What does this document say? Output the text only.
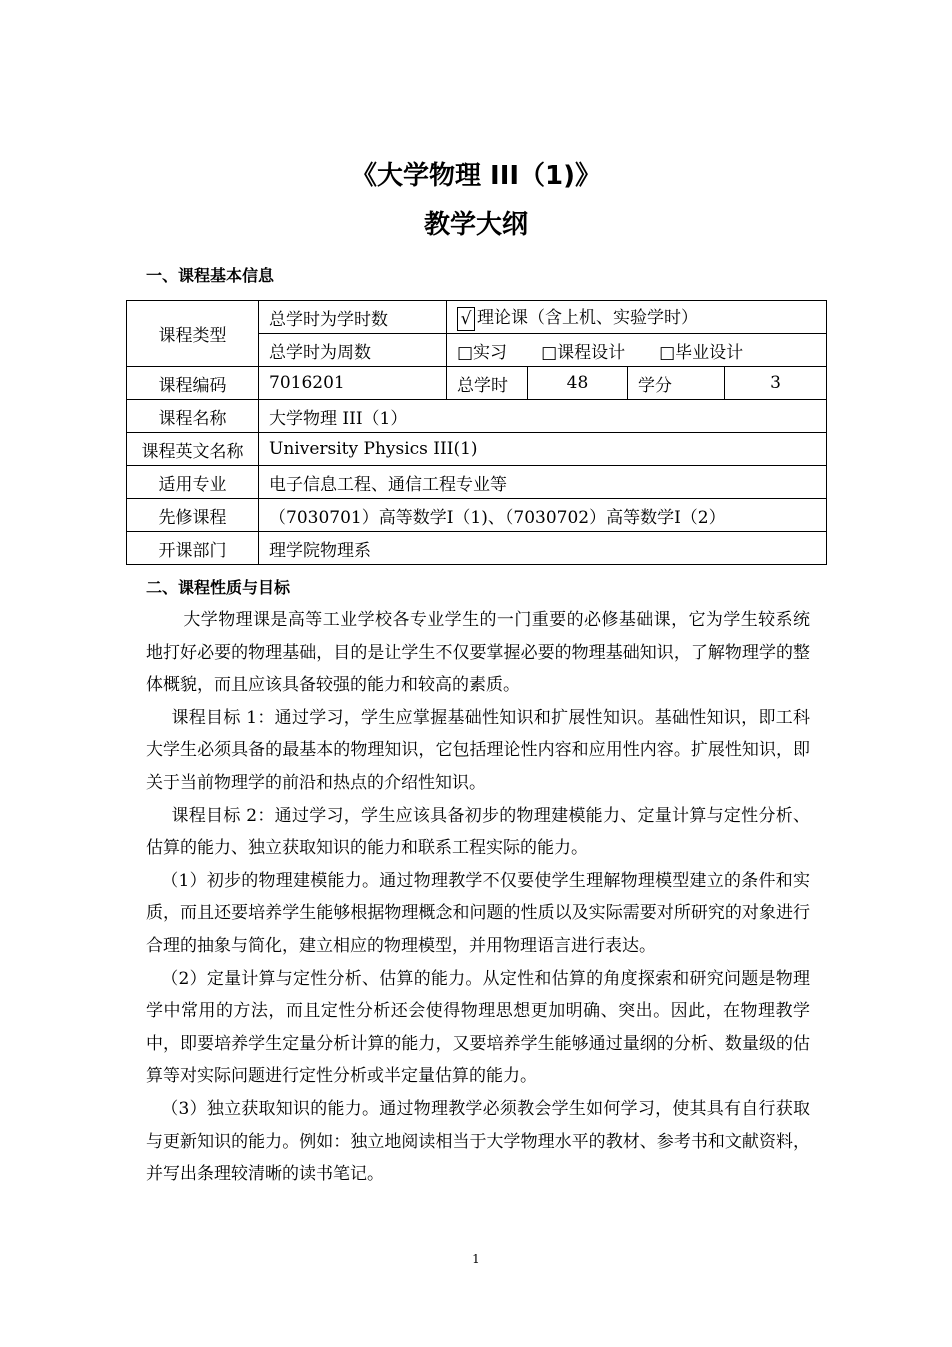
《大学物理 III（1)》
教学大纲
一、课程基本信息
课程类型	总学时为学时数	√ 理论课（含上机、实验学时）			
	总学时为周数	□实习 □课程设计 □毕业设计			
课程编码	7016201	总学时	48	学分	3
课程名称	大学物理 III（1）				
课程英文名称	University Physics III(1)				
适用专业	电子信息工程、通信工程专业等				
先修课程	（7030701）高等数学Ⅰ（1)、（7030702）高等数学Ⅰ（2）				
开课部门	理学院物理系				
二、课程性质与目标

大学物理课是高等工业学校各专业学生的一门重要的必修基础课，它为学生较系统地打好必要的物理基础，目的是让学生不仅要掌握必要的物理基础知识，了解物理学的整体概貌，而且应该具备较强的能力和较高的素质。

课程目标 1：通过学习，学生应掌握基础性知识和扩展性知识。基础性知识，即工科大学生必须具备的最基本的物理知识，它包括理论性内容和应用性内容。扩展性知识，即关于当前物理学的前沿和热点的介绍性知识。

课程目标 2：通过学习，学生应该具备初步的物理建模能力、定量计算与定性分析、估算的能力、独立获取知识的能力和联系工程实际的能力。

（1）初步的物理建模能力。通过物理教学不仅要使学生理解物理模型建立的条件和实质，而且还要培养学生能够根据物理概念和问题的性质以及实际需要对所研究的对象进行合理的抽象与简化，建立相应的物理模型，并用物理语言进行表达。

（2）定量计算与定性分析、估算的能力。从定性和估算的角度探索和研究问题是物理学中常用的方法，而且定性分析还会使得物理思想更加明确、突出。因此，在物理教学中，即要培养学生定量分析计算的能力，又要培养学生能够通过量纲的分析、数量级的估算等对实际问题进行定性分析或半定量估算的能力。

（3）独立获取知识的能力。通过物理教学必须教会学生如何学习，使其具有自行获取与更新知识的能力。例如：独立地阅读相当于大学物理水平的教材、参考书和文献资料，并写出条理较清晰的读书笔记。

1
